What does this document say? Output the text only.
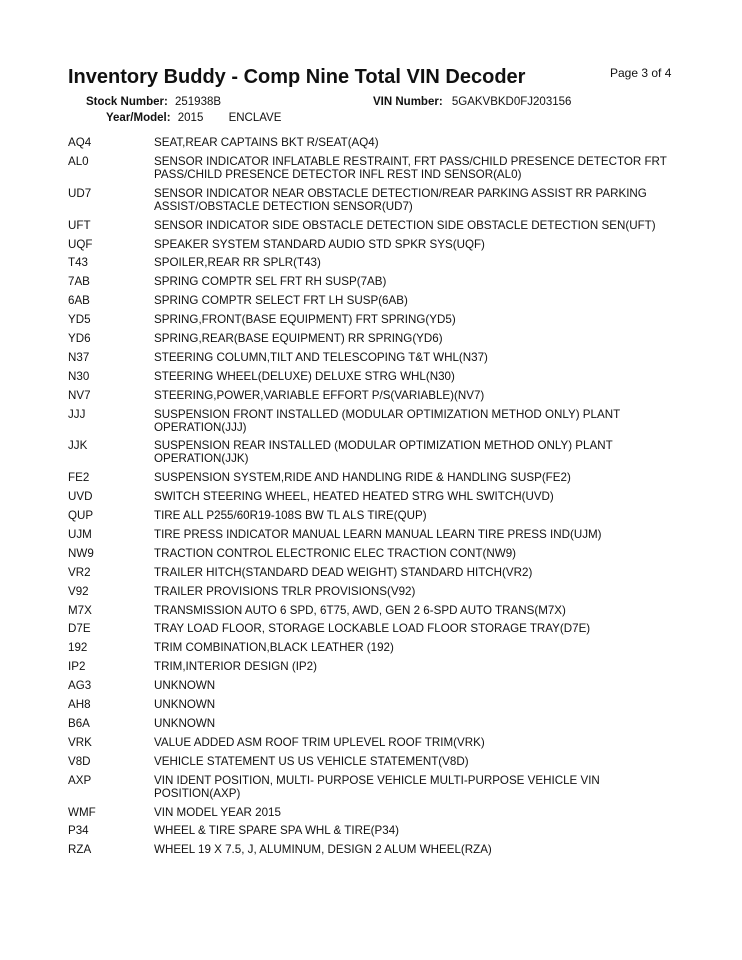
Inventory Buddy - Comp Nine Total VIN Decoder	Page 3 of 4
Stock Number: 251938B	VIN Number: 5GAKVBKD0FJ203156
Year/Model: 2015 ENCLAVE
AQ4	SEAT,REAR CAPTAINS BKT R/SEAT(AQ4)
AL0	SENSOR INDICATOR INFLATABLE RESTRAINT, FRT PASS/CHILD PRESENCE DETECTOR FRT PASS/CHILD PRESENCE DETECTOR INFL REST IND SENSOR(AL0)
UD7	SENSOR INDICATOR NEAR OBSTACLE DETECTION/REAR PARKING ASSIST RR PARKING ASSIST/OBSTACLE DETECTION SENSOR(UD7)
UFT	SENSOR INDICATOR SIDE OBSTACLE DETECTION SIDE OBSTACLE DETECTION SEN(UFT)
UQF	SPEAKER SYSTEM STANDARD AUDIO STD SPKR SYS(UQF)
T43	SPOILER,REAR RR SPLR(T43)
7AB	SPRING COMPTR SEL FRT RH SUSP(7AB)
6AB	SPRING COMPTR SELECT FRT LH SUSP(6AB)
YD5	SPRING,FRONT(BASE EQUIPMENT) FRT SPRING(YD5)
YD6	SPRING,REAR(BASE EQUIPMENT) RR SPRING(YD6)
N37	STEERING COLUMN,TILT AND TELESCOPING T&T WHL(N37)
N30	STEERING WHEEL(DELUXE) DELUXE STRG WHL(N30)
NV7	STEERING,POWER,VARIABLE EFFORT P/S(VARIABLE)(NV7)
JJJ	SUSPENSION FRONT INSTALLED (MODULAR OPTIMIZATION METHOD ONLY) PLANT OPERATION(JJJ)
JJK	SUSPENSION REAR INSTALLED (MODULAR OPTIMIZATION METHOD ONLY) PLANT OPERATION(JJK)
FE2	SUSPENSION SYSTEM,RIDE AND HANDLING RIDE & HANDLING SUSP(FE2)
UVD	SWITCH STEERING WHEEL, HEATED HEATED STRG WHL SWITCH(UVD)
QUP	TIRE ALL P255/60R19-108S BW TL ALS TIRE(QUP)
UJM	TIRE PRESS INDICATOR MANUAL LEARN MANUAL LEARN TIRE PRESS IND(UJM)
NW9	TRACTION CONTROL ELECTRONIC ELEC TRACTION CONT(NW9)
VR2	TRAILER HITCH(STANDARD DEAD WEIGHT) STANDARD HITCH(VR2)
V92	TRAILER PROVISIONS TRLR PROVISIONS(V92)
M7X	TRANSMISSION AUTO 6 SPD, 6T75, AWD, GEN 2 6-SPD AUTO TRANS(M7X)
D7E	TRAY LOAD FLOOR, STORAGE LOCKABLE LOAD FLOOR STORAGE TRAY(D7E)
192	TRIM COMBINATION,BLACK LEATHER (192)
IP2	TRIM,INTERIOR DESIGN (IP2)
AG3	UNKNOWN
AH8	UNKNOWN
B6A	UNKNOWN
VRK	VALUE ADDED ASM ROOF TRIM UPLEVEL ROOF TRIM(VRK)
V8D	VEHICLE STATEMENT US US VEHICLE STATEMENT(V8D)
AXP	VIN IDENT POSITION, MULTI- PURPOSE VEHICLE MULTI-PURPOSE VEHICLE VIN POSITION(AXP)
WMF	VIN MODEL YEAR 2015
P34	WHEEL & TIRE SPARE SPA WHL & TIRE(P34)
RZA	WHEEL 19 X 7.5, J, ALUMINUM, DESIGN 2 ALUM WHEEL(RZA)
